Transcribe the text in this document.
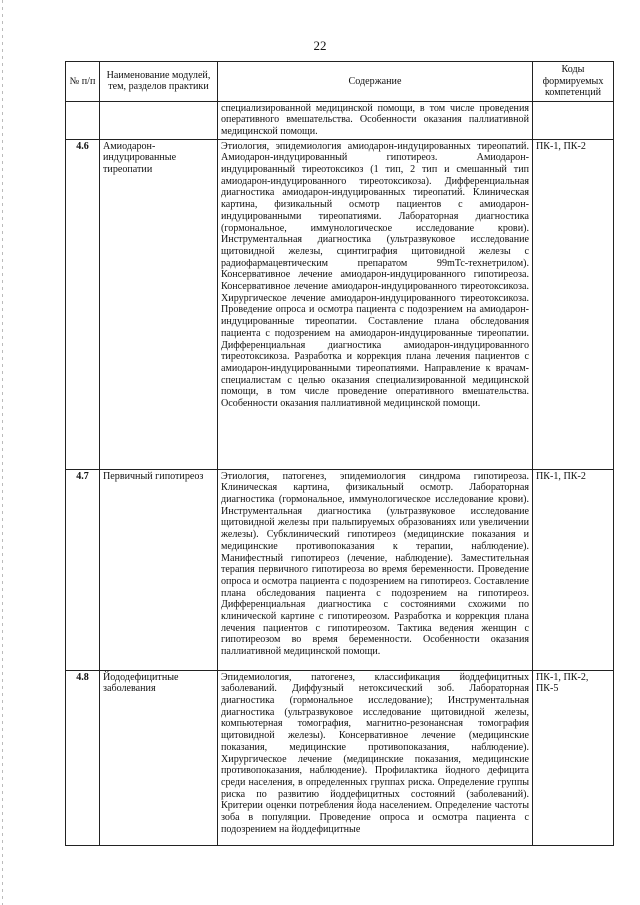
22
№ п/п	Наименование модулей, тем, разделов практики	Содержание	Коды формируемых компетенций
		специализированной медицинской помощи, в том числе проведения оперативного вмешательства. Особенности оказания паллиативной медицинской помощи.	
4.6	Амиодарон-индуцированные тиреопатии	Этиология, эпидемиология амиодарон-индуцированных тиреопатий. Амиодарон-индуцированный гипотиреоз. Амиодарон-индуцированный тиреотоксикоз (1 тип, 2 тип и смешанный тип амиодарон-индуцированного тиреотоксикоза). Дифференциальная диагностика амиодарон-индуцированных тиреопатий. Клиническая картина, физикальный осмотр пациентов с амиодарон-индуцированными тиреопатиями. Лабораторная диагностика (гормональное, иммунологическое исследование крови). Инструментальная диагностика (ультразвуковое исследование щитовидной железы, сцинтиграфия щитовидной железы с радиофармацевтическим препаратом 99mTc-технетрилом). Консервативное лечение амиодарон-индуцированного гипотиреоза. Консервативное лечение амиодарон-индуцированного тиреотоксикоза. Хирургическое лечение амиодарон-индуцированного тиреотоксикоза. Проведение опроса и осмотра пациента с подозрением на амиодарон-индуцированные тиреопатии. Составление плана обследования пациента с подозрением на амиодарон-индуцированные тиреопатии. Дифференциальная диагностика амиодарон-индуцированного тиреотоксикоза. Разработка и коррекция плана лечения пациентов с амиодарон-индуцированными тиреопатиями. Направление к врачам-специалистам с целью оказания специализированной медицинской помощи, в том числе проведение оперативного вмешательства. Особенности оказания паллиативной медицинской помощи.	ПК-1, ПК-2
4.7	Первичный гипотиреоз	Этиология, патогенез, эпидемиология синдрома гипотиреоза. Клиническая картина, физикальный осмотр. Лабораторная диагностика (гормональное, иммунологическое исследование крови). Инструментальная диагностика (ультразвуковое исследование щитовидной железы при пальпируемых образованиях или увеличении железы). Субклинический гипотиреоз (медицинские показания и медицинские противопоказания к терапии, наблюдение). Манифестный гипотиреоз (лечение, наблюдение). Заместительная терапия первичного гипотиреоза во время беременности. Проведение опроса и осмотра пациента с подозрением на гипотиреоз. Составление плана обследования пациента с подозрением на гипотиреоз. Дифференциальная диагностика с состояниями схожими по клинической картине с гипотиреозом. Разработка и коррекция плана лечения пациентов с гипотиреозом. Тактика ведения женщин с гипотиреозом во время беременности. Особенности оказания паллиативной медицинской помощи.	ПК-1, ПК-2
4.8	Йододефицитные заболевания	Эпидемиология, патогенез, классификация йоддефицитных заболеваний. Диффузный нетоксический зоб. Лабораторная диагностика (гормональное исследование); Инструментальная диагностика (ультразвуковое исследование щитовидной железы, компьютерная томография, магнитно-резонансная томография щитовидной железы). Консервативное лечение (медицинские показания, медицинские противопоказания, наблюдение). Хирургическое лечение (медицинские показания, медицинские противопоказания, наблюдение). Профилактика йодного дефицита среди населения, в определенных группах риска. Определение группы риска по развитию йоддефицитных состояний (заболеваний). Критерии оценки потребления йода населением. Определение частоты зоба в популяции. Проведение опроса и осмотра пациента с подозрением на йоддефицитные	ПК-1, ПК-2, ПК-5
